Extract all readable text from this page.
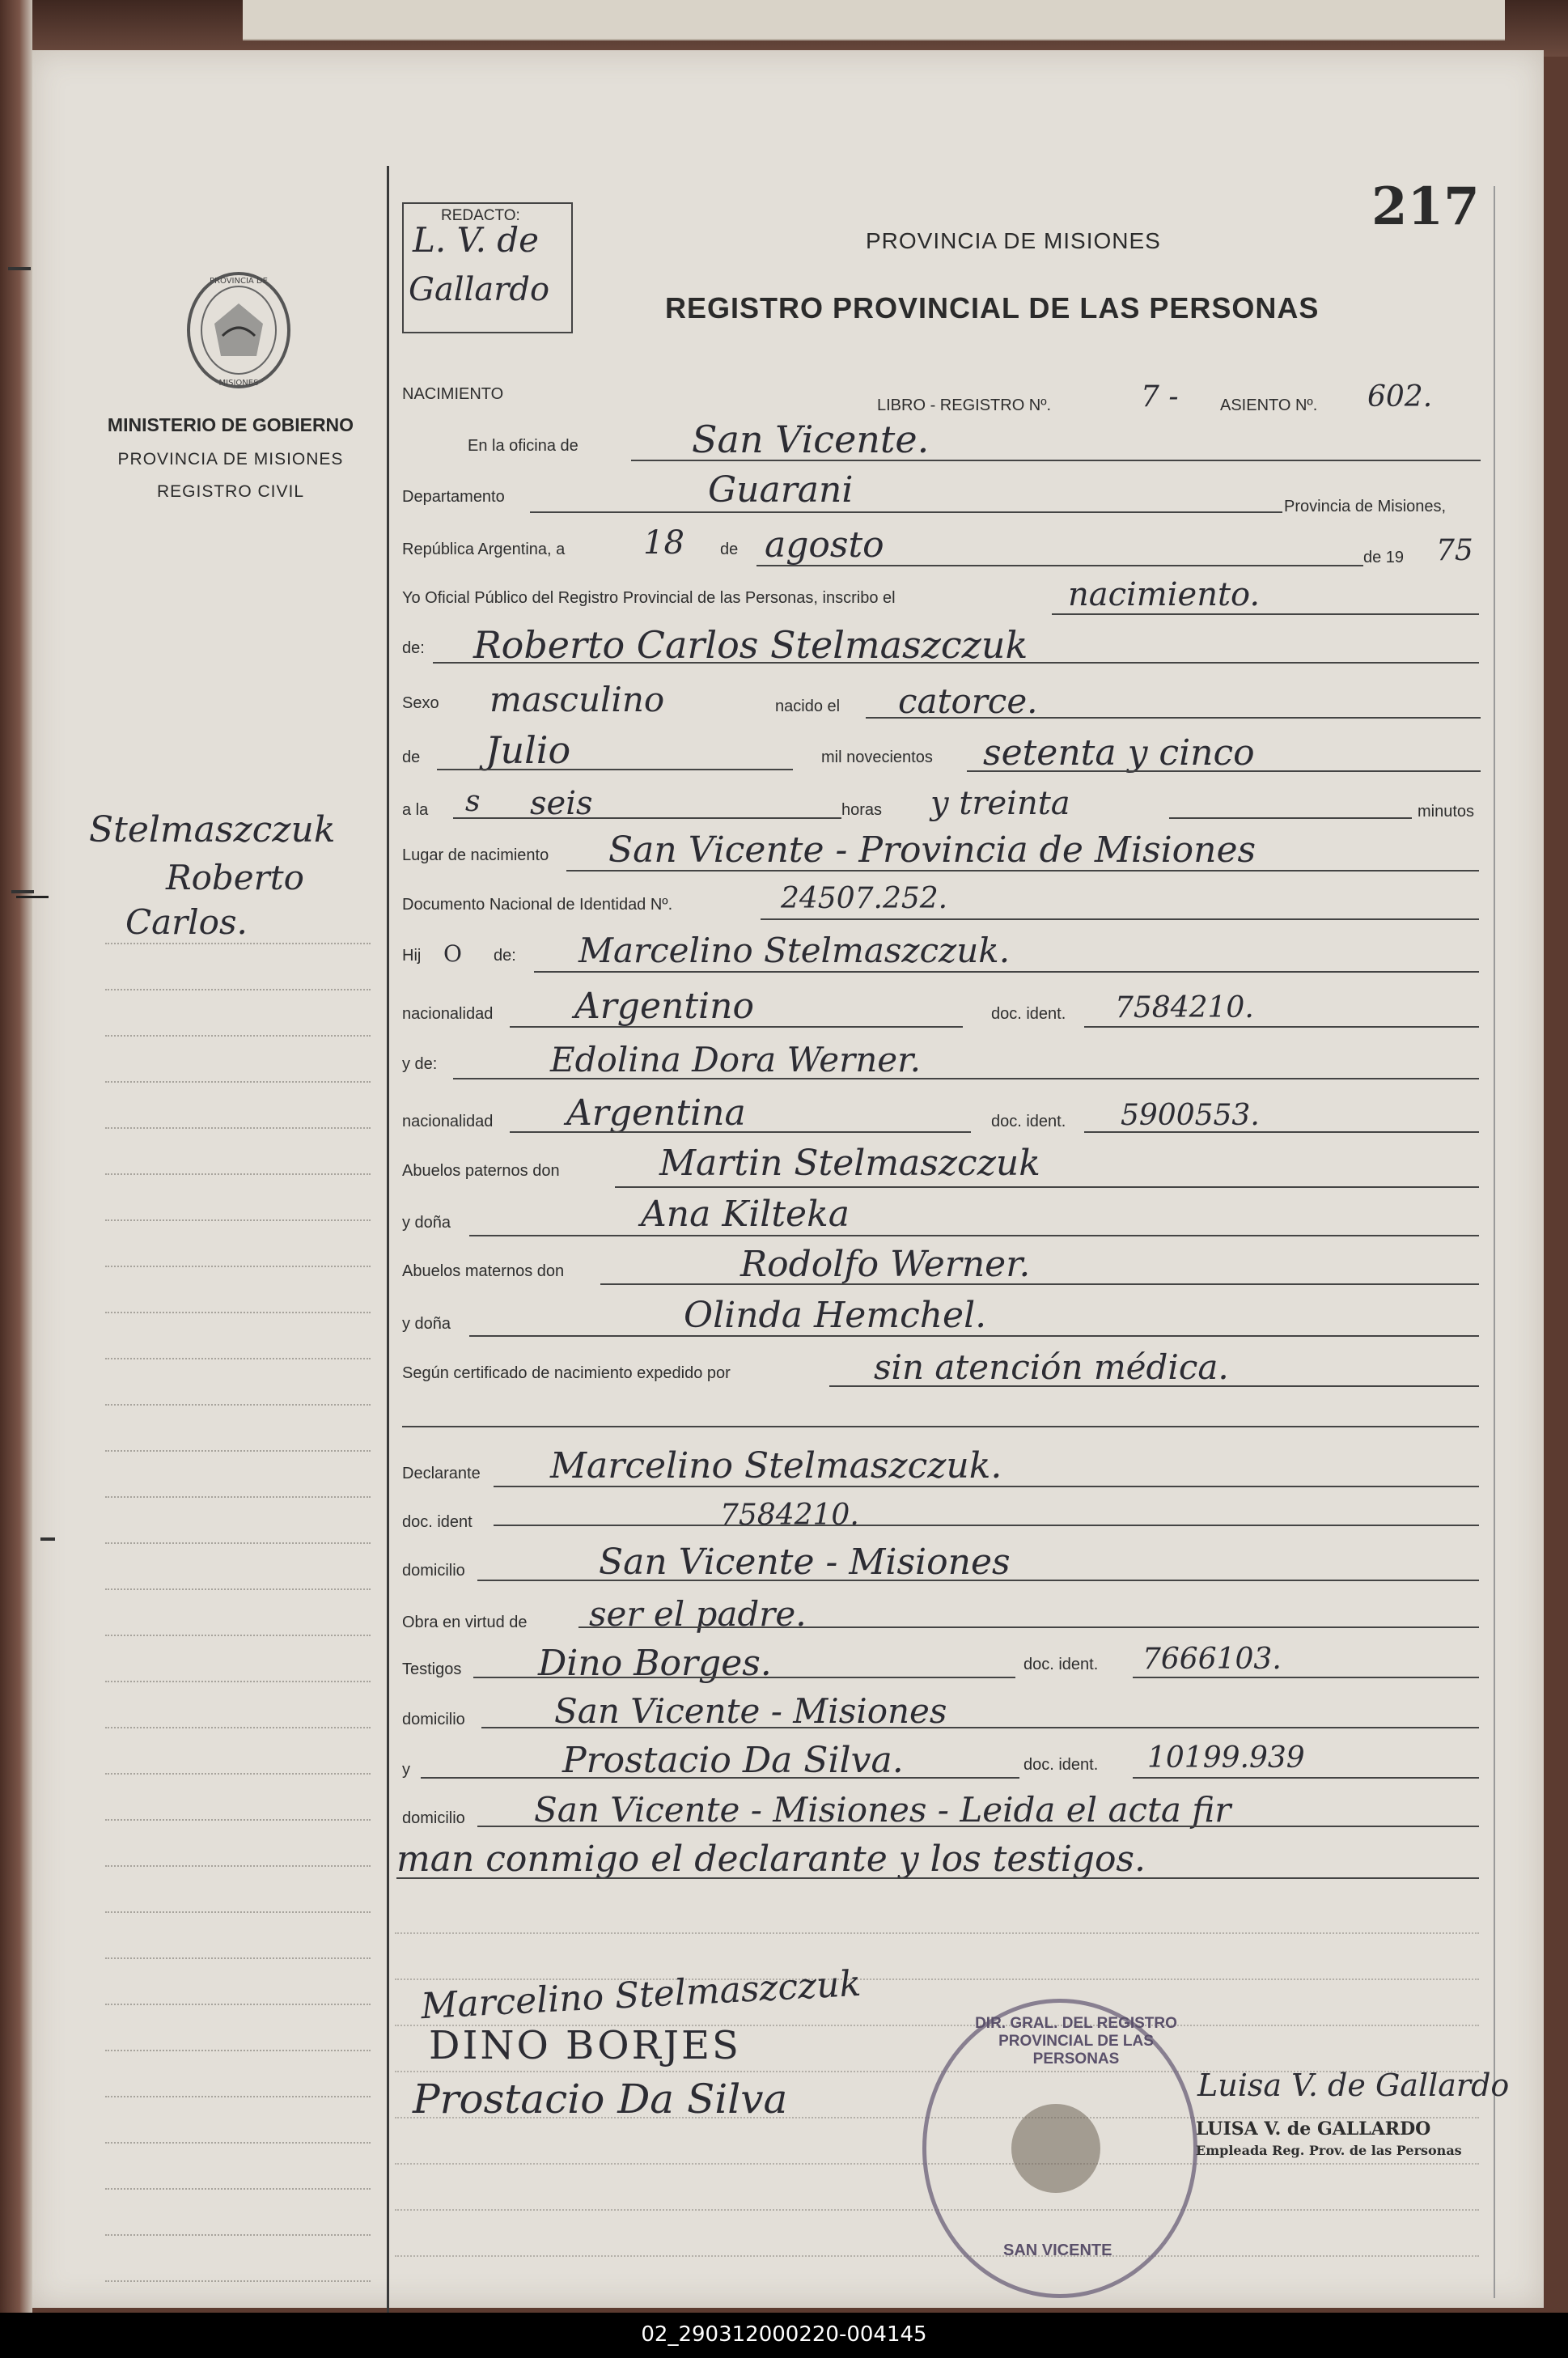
PROVINCIA DE
MISIONES
MINISTERIO DE GOBIERNO
PROVINCIA DE MISIONES
REGISTRO CIVIL
Stelmaszczuk
Roberto
Carlos.
REDACTO:
L. V. de
Gallardo
217
PROVINCIA DE MISIONES
REGISTRO PROVINCIAL DE LAS PERSONAS
NACIMIENTO
LIBRO - REGISTRO Nº.	7 -	ASIENTO Nº. 602.
En la oficina de	San Vicente.
Departamento	Guarani	Provincia de Misiones,
República Argentina, a 18 de agosto	de 19 75
Yo Oficial Público del Registro Provincial de las Personas, inscribo el	nacimiento.
de: Roberto Carlos Stelmaszczuk
Sexo masculino	nacido el catorce.
de Julio	mil novecientos setenta y cinco
a la s seis	horas y treinta	minutos
Lugar de nacimiento San Vicente - Provincia de Misiones
Documento Nacional de Identidad Nº.	24507.252.
Hij O de: Marcelino Stelmaszczuk.
nacionalidad Argentino	doc. ident. 7584210.
y de:	Edolina Dora Werner.
nacionalidad Argentina	doc. ident. 5900553.
Abuelos paternos don	Martin Stelmaszczuk
y doña	Ana Kilteka
Abuelos maternos don	Rodolfo Werner.
y doña	Olinda Hemchel.
Según certificado de nacimiento expedido por	sin atención médica.
Declarante Marcelino Stelmaszczuk.
doc. ident	7584210.
domicilio	San Vicente - Misiones
Obra en virtud de ser el padre.
Testigos Dino Borges.	doc. ident. 7666103.
domicilio	San Vicente - Misiones
y	Prostacio Da Silva.	doc. ident. 10199.939
domicilio San Vicente - Misiones - Leida el acta fir
man conmigo el declarante y los testigos.
Marcelino Stelmaszczuk
DINO BORJES
Prostacio Da Silva
DIR. GRAL. DEL REGISTRO PROVINCIAL DE LAS PERSONAS
SAN VICENTE
Luisa V. de Gallardo
LUISA V. de GALLARDO
Empleada Reg. Prov. de las Personas
02_290312000220-004145
